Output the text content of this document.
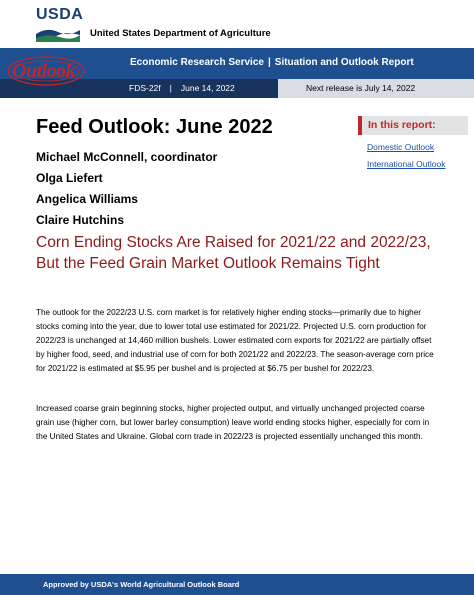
USDA
United States Department of Agriculture
Outlook	Economic Research Service | Situation and Outlook Report
FDS-22f | June 14, 2022	Next release is July 14, 2022
Feed Outlook: June 2022
Michael McConnell, coordinator
Olga Liefert
Angelica Williams
Claire Hutchins
In this report:
Domestic Outlook
International Outlook
Corn Ending Stocks Are Raised for 2021/22 and 2022/23, But the Feed Grain Market Outlook Remains Tight

The outlook for the 2022/23 U.S. corn market is for relatively higher ending stocks—primarily due to higher stocks coming into the year, due to lower total use estimated for 2021/22. Projected U.S. corn production for 2022/23 is unchanged at 14,460 million bushels. Lower estimated corn exports for 2021/22 are partially offset by higher food, seed, and industrial use of corn for both 2021/22 and 2022/23. The season-average corn price for 2021/22 is estimated at $5.95 per bushel and is projected at $6.75 per bushel for 2022/23.

Increased coarse grain beginning stocks, higher projected output, and virtually unchanged projected coarse grain use (higher corn, but lower barley consumption) leave world ending stocks higher, especially for corn in the United States and Ukraine. Global corn trade in 2022/23 is projected essentially unchanged this month.

Approved by USDA's World Agricultural Outlook Board
